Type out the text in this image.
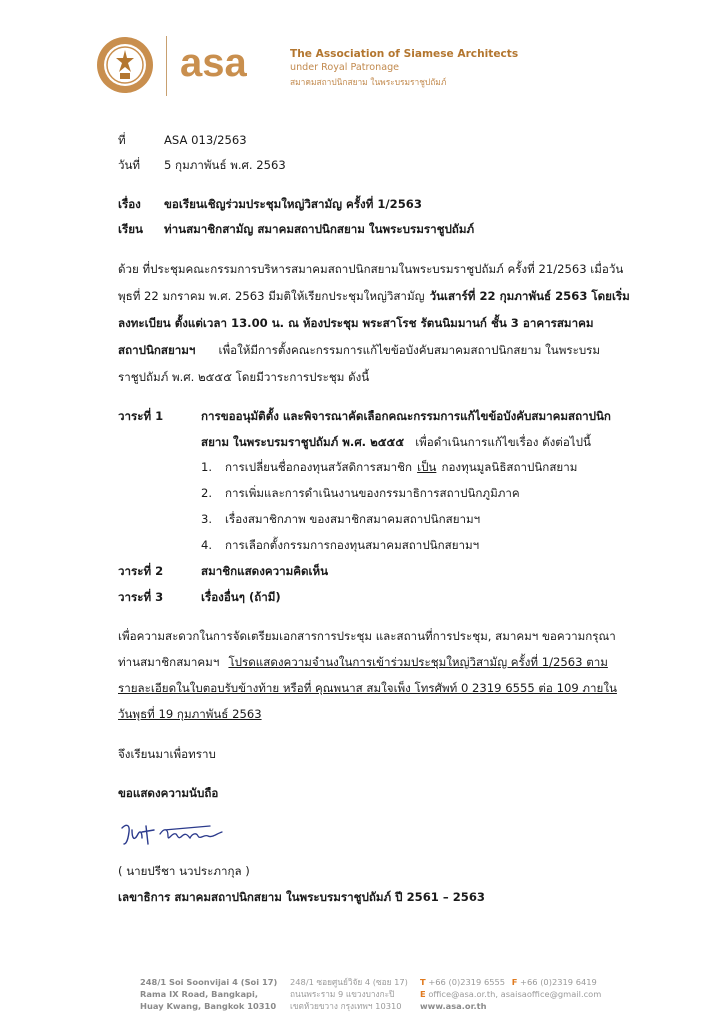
asa	The Association of Siamese Architects
under Royal Patronage
สมาคมสถาปนิกสยาม ในพระบรมราชูปถัมภ์
ที่	ASA 013/2563
วันที่ 5 กุมภาพันธ์ พ.ศ. 2563
เรื่อง ขอเรียนเชิญร่วมประชุมใหญ่วิสามัญ ครั้งที่ 1/2563
เรียน ท่านสมาชิกสามัญ สมาคมสถาปนิกสยาม ในพระบรมราชูปถัมภ์
ด้วย ที่ประชุมคณะกรรมการบริหารสมาคมสถาปนิกสยามในพระบรมราชูปถัมภ์ ครั้งที่ 21/2563 เมื่อวัน
พุธที่ 22 มกราคม พ.ศ. 2563 มีมติให้เรียกประชุมใหญ่วิสามัญ วันเสาร์ที่ 22 กุมภาพันธ์ 2563 โดยเริ่ม
ลงทะเบียน ตั้งแต่เวลา 13.00 น. ณ ห้องประชุม พระสาโรช รัตนนิมมานก์ ชั้น 3 อาคารสมาคม
สถาปนิกสยามฯ เพื่อให้มีการตั้งคณะกรรมการแก้ไขข้อบังคับสมาคมสถาปนิกสยาม ในพระบรม
ราชูปถัมภ์ พ.ศ. ๒๕๕๕ โดยมีวาระการประชุม ดังนี้
วาระที่ 1	การขออนุมัติตั้ง และพิจารณาคัดเลือกคณะกรรมการแก้ไขข้อบังคับสมาคมสถาปนิก
สยาม ในพระบรมราชูปถัมภ์ พ.ศ. ๒๕๕๕ เพื่อดำเนินการแก้ไขเรื่อง ดังต่อไปนี้
1. การเปลี่ยนชื่อกองทุนสวัสดิการสมาชิก เป็น กองทุนมูลนิธิสถาปนิกสยาม
2. การเพิ่มและการดำเนินงานของกรรมาธิการสถาปนิกภูมิภาค
3. เรื่องสมาชิกภาพ ของสมาชิกสมาคมสถาปนิกสยามฯ
4. การเลือกตั้งกรรมการกองทุนสมาคมสถาปนิกสยามฯ
วาระที่ 2	สมาชิกแสดงความคิดเห็น
วาระที่ 3	เรื่องอื่นๆ (ถ้ามี)
เพื่อความสะดวกในการจัดเตรียมเอกสารการประชุม และสถานที่การประชุม, สมาคมฯ ขอความกรุณา
ท่านสมาชิกสมาคมฯ โปรดแสดงความจำนงในการเข้าร่วมประชุมใหญ่วิสามัญ ครั้งที่ 1/2563 ตาม
รายละเอียดในใบตอบรับข้างท้าย หรือที่ คุณพนาส สมใจเพ็ง โทรศัพท์ 0 2319 6555 ต่อ 109 ภายใน
วันพุธที่ 19 กุมภาพันธ์ 2563
จึงเรียนมาเพื่อทราบ
ขอแสดงความนับถือ
( นายปรีชา นวประภากุล )
เลขาธิการ สมาคมสถาปนิกสยาม ในพระบรมราชูปถัมภ์ ปี 2561 – 2563
248/1 Soi Soonvijai 4 (Soi 17)
Rama IX Road, Bangkapi,
Huay Kwang, Bangkok 10310
248/1 ซอยศูนย์วิจัย 4 (ซอย 17)
ถนนพระราม 9 แขวงบางกะปิ
เขตห้วยขวาง กรุงเทพฯ 10310
T +66 (0)2319 6555 F +66 (0)2319 6419
E office@asa.or.th, asaisaoffice@gmail.com
www.asa.or.th
